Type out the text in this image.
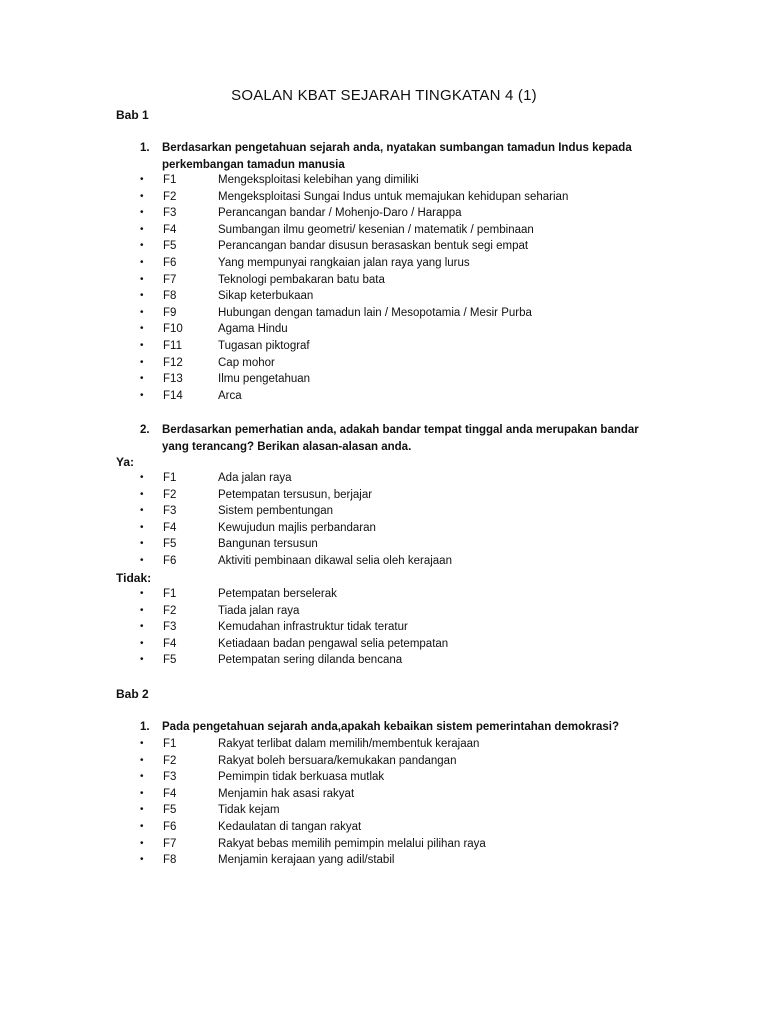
SOALAN KBAT SEJARAH TINGKATAN 4 (1)
Bab 1
1. Berdasarkan pengetahuan sejarah anda, nyatakan sumbangan tamadun Indus kepada perkembangan tamadun manusia
•	F1	Mengeksploitasi kelebihan yang dimiliki
•	F2	Mengeksploitasi Sungai Indus untuk memajukan kehidupan seharian
•	F3	Perancangan bandar / Mohenjo-Daro / Harappa
•	F4	Sumbangan ilmu geometri/ kesenian / matematik / pembinaan
•	F5	Perancangan bandar disusun berasaskan bentuk segi empat
•	F6	Yang mempunyai rangkaian jalan raya yang lurus
•	F7	Teknologi pembakaran batu bata
•	F8	Sikap keterbukaan
•	F9	Hubungan dengan tamadun lain / Mesopotamia / Mesir Purba
•	F10	Agama Hindu
•	F11	Tugasan piktograf
•	F12	Cap mohor
•	F13	Ilmu pengetahuan
•	F14	Arca
2. Berdasarkan pemerhatian anda, adakah bandar tempat tinggal anda merupakan bandar yang terancang? Berikan alasan-alasan anda.
Ya:
•	F1	Ada jalan raya
•	F2	Petempatan tersusun, berjajar
•	F3	Sistem pembentungan
•	F4	Kewujudun majlis perbandaran
•	F5	Bangunan tersusun
•	F6	Aktiviti pembinaan dikawal selia oleh kerajaan
Tidak:
•	F1	Petempatan berselerak
•	F2	Tiada jalan raya
•	F3	Kemudahan infrastruktur tidak teratur
•	F4	Ketiadaan badan pengawal selia petempatan
•	F5	Petempatan sering dilanda bencana
Bab 2
1. Pada pengetahuan sejarah anda,apakah kebaikan sistem pemerintahan demokrasi?
•	F1	Rakyat terlibat dalam memilih/membentuk kerajaan
•	F2	Rakyat boleh bersuara/kemukakan pandangan
•	F3	Pemimpin tidak berkuasa mutlak
•	F4	Menjamin hak asasi rakyat
•	F5	Tidak kejam
•	F6	Kedaulatan di tangan rakyat
•	F7	Rakyat bebas memilih pemimpin melalui pilihan raya
•	F8	Menjamin kerajaan yang adil/stabil
